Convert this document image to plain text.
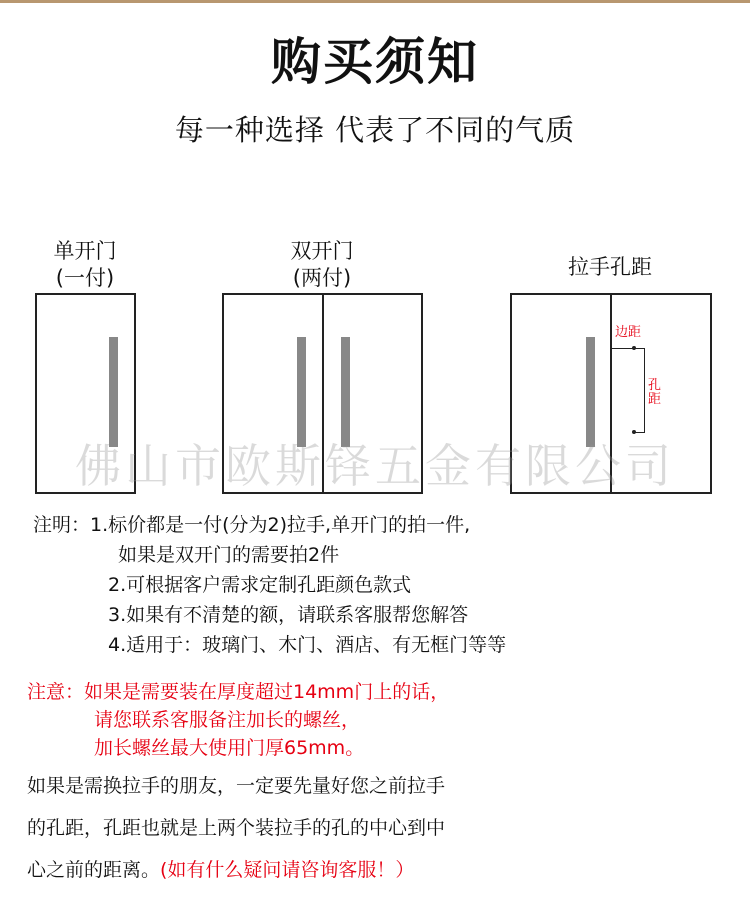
购买须知
每一种选择 代表了不同的气质
单开门
(一付)
双开门
(两付)	拉手孔距
边距
孔
距
佛山市欧斯铎五金有限公司
注明：1.标价都是一付(分为2)拉手,单开门的拍一件,
如果是双开门的需要拍2件
2.可根据客户需求定制孔距颜色款式
3.如果有不清楚的额，请联系客服帮您解答
4.适用于：玻璃门、木门、酒店、有无框门等等
注意：如果是需要装在厚度超过14mm门上的话，
请您联系客服备注加长的螺丝，
加长螺丝最大使用门厚65mm。
如果是需换拉手的朋友，一定要先量好您之前拉手
的孔距，孔距也就是上两个装拉手的孔的中心到中
心之前的距离。(如有什么疑问请咨询客服！）
